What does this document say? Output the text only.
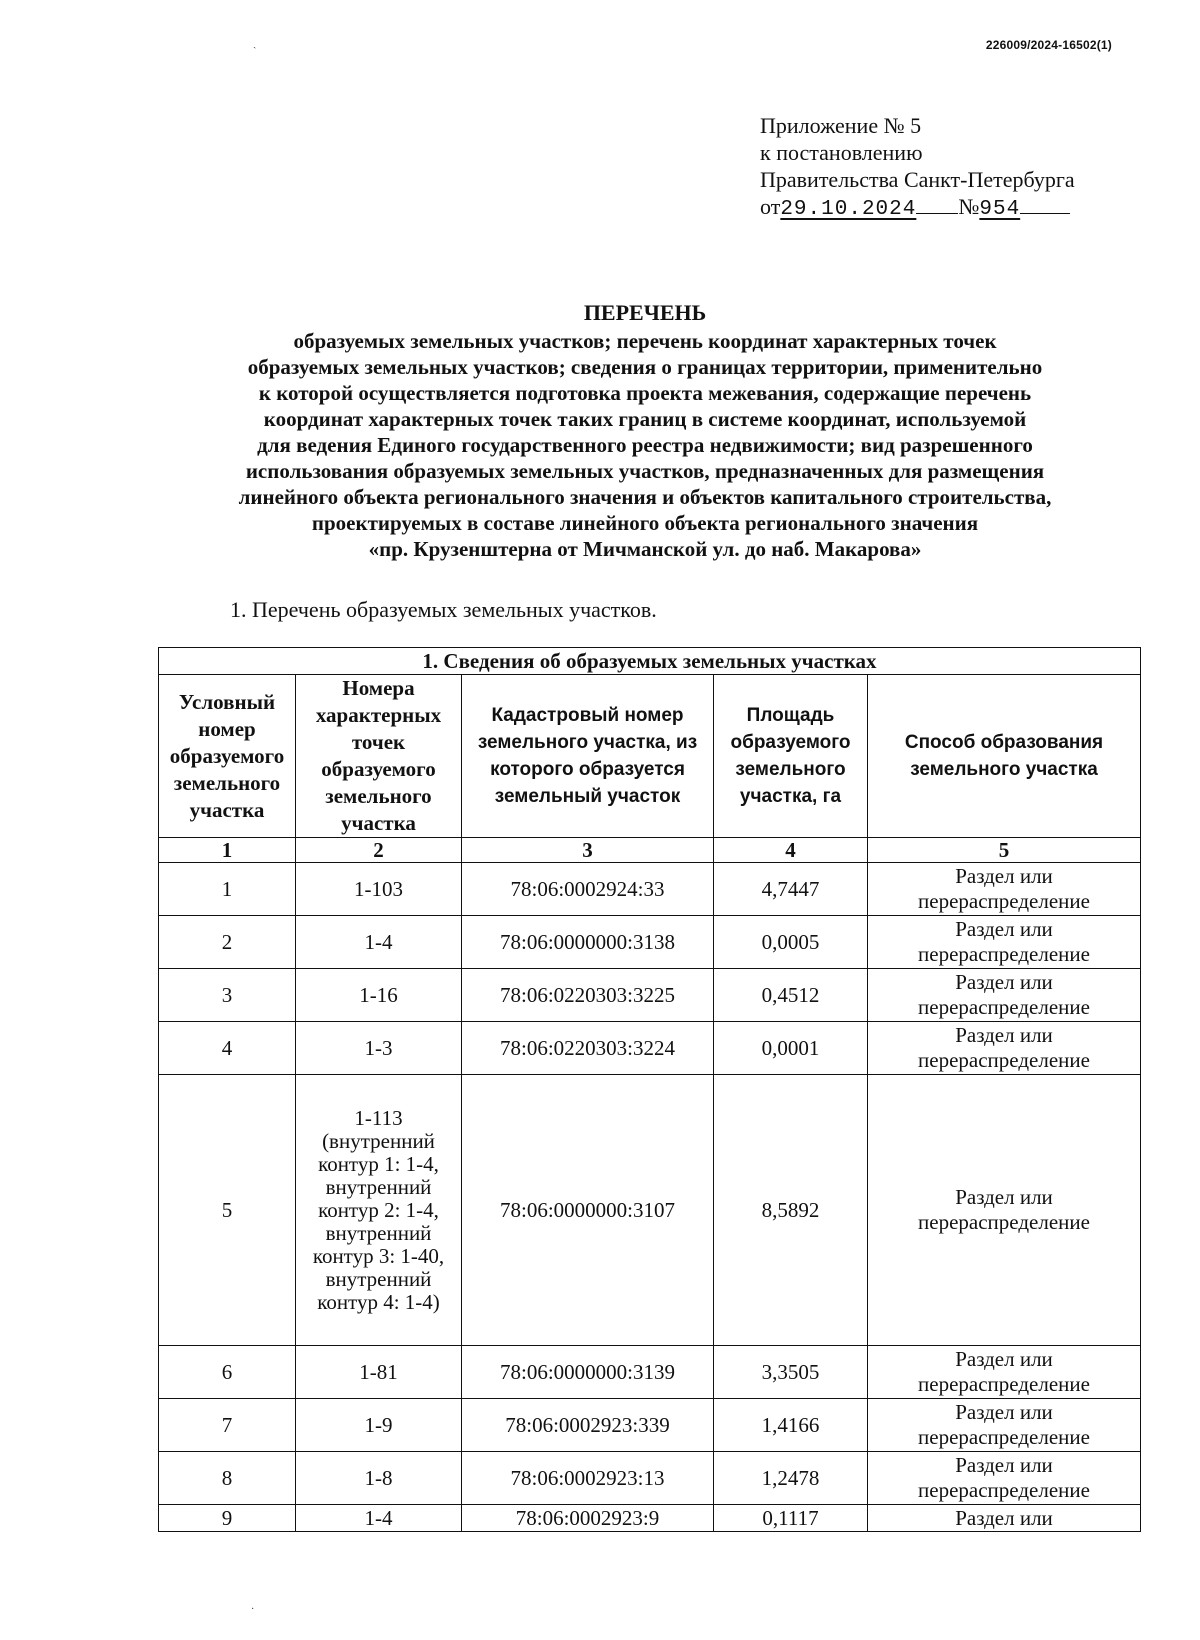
226009/2024-16502(1)
Приложение № 5
к постановлению
Правительства Санкт-Петербурга
от29.10.2024 №954
ПЕРЕЧЕНЬ
образуемых земельных участков; перечень координат характерных точек
образуемых земельных участков; сведения о границах территории, применительно
к которой осуществляется подготовка проекта межевания, содержащие перечень
координат характерных точек таких границ в системе координат, используемой
для ведения Единого государственного реестра недвижимости; вид разрешенного
использования образуемых земельных участков, предназначенных для размещения
линейного объекта регионального значения и объектов капитального строительства,
проектируемых в составе линейного объекта регионального значения
«пр. Крузенштерна от Мичманской ул. до наб. Макарова»
1. Перечень образуемых земельных участков.
1. Сведения об образуемых земельных участках				
Условный номер образуемого земельного участка	Номера характерных точек образуемого земельного участка	Кадастровый номер земельного участка, из которого образуется земельный участок	Площадь образуемого земельного участка, га	Способ образования земельного участка
1	2	3	4	5
1	1-103	78:06:0002924:33	4,7447	Раздел или перераспределение
2	1-4	78:06:0000000:3138	0,0005	Раздел или перераспределение
3	1-16	78:06:0220303:3225	0,4512	Раздел или перераспределение
4	1-3	78:06:0220303:3224	0,0001	Раздел или перераспределение
5	1-113 (внутренний контур 1: 1-4, внутренний контур 2: 1-4, внутренний контур 3: 1-40, внутренний контур 4: 1-4)	78:06:0000000:3107	8,5892	Раздел или перераспределение
6	1-81	78:06:0000000:3139	3,3505	Раздел или перераспределение
7	1-9	78:06:0002923:339	1,4166	Раздел или перераспределение
8	1-8	78:06:0002923:13	1,2478	Раздел или перераспределение
9	1-4	78:06:0002923:9	0,1117	Раздел или
ˎ
·
